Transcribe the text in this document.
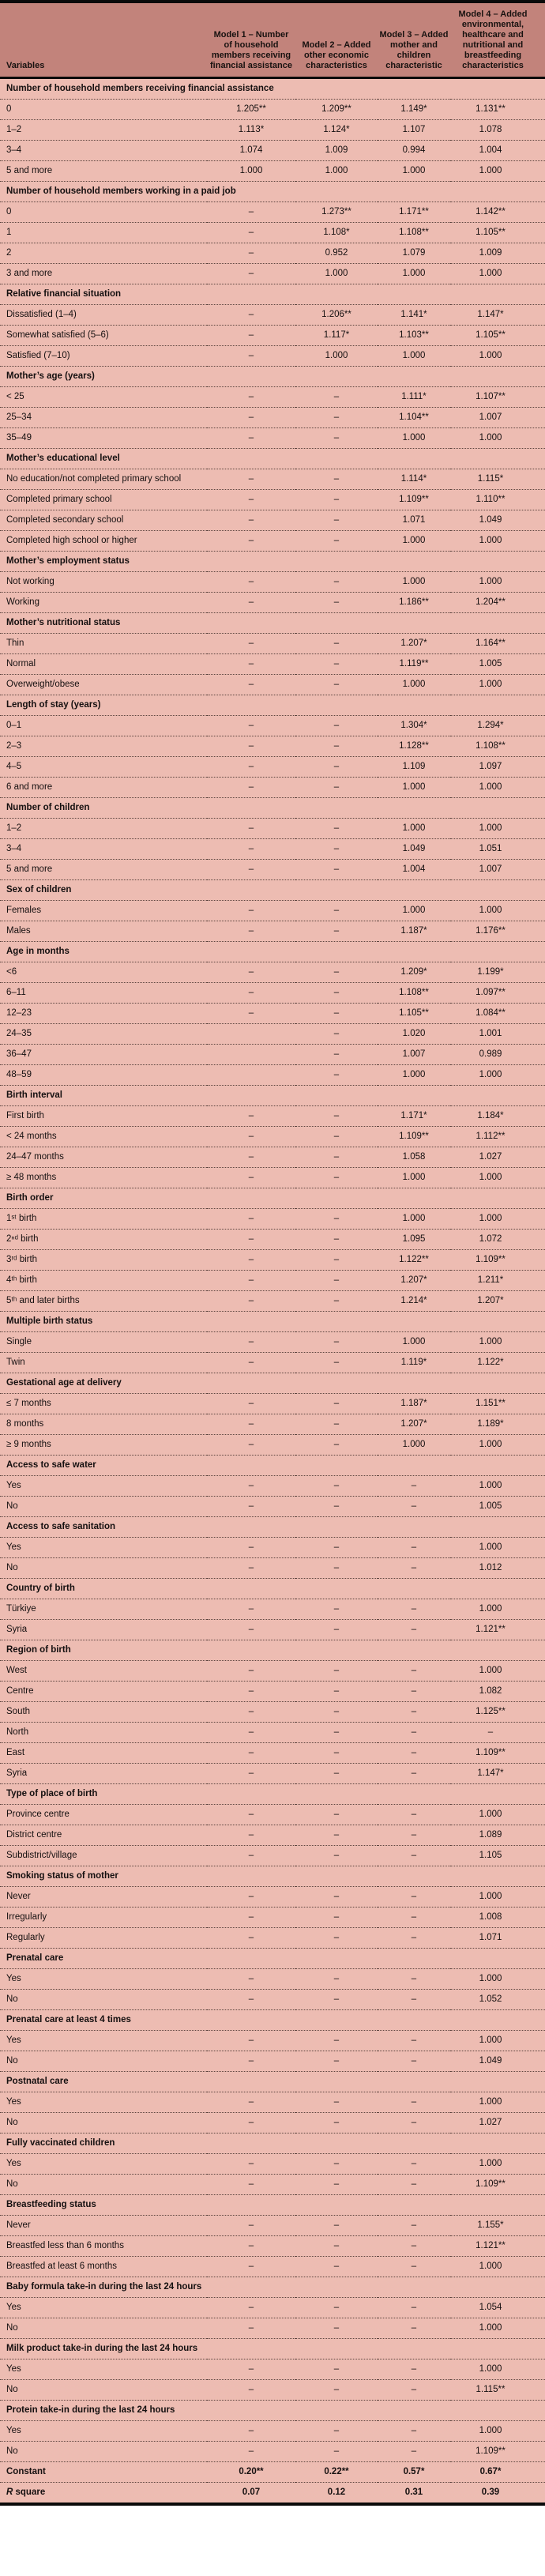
Variables	Model 1 – Number of household members receiving financial assistance	Model 2 – Added other economic characteristics	Model 3 – Added mother and children characteristic	Model 4 – Added environmental, healthcare and nutritional and breastfeeding characteristics
Number of household members receiving financial assistance				
0	1.205**	1.209**	1.149*	1.131**
1–2	1.113*	1.124*	1.107	1.078
3–4	1.074	1.009	0.994	1.004
5 and more	1.000	1.000	1.000	1.000
Number of household members working in a paid job				
0	–	1.273**	1.171**	1.142**
1	–	1.108*	1.108**	1.105**
2	–	0.952	1.079	1.009
3 and more	–	1.000	1.000	1.000
Relative financial situation				
Dissatisfied (1–4)	–	1.206**	1.141*	1.147*
Somewhat satisfied (5–6)	–	1.117*	1.103**	1.105**
Satisfied (7–10)	–	1.000	1.000	1.000
Mother’s age (years)				
< 25	–	–	1.111*	1.107**
25–34	–	–	1.104**	1.007
35–49	–	–	1.000	1.000
Mother’s educational level				
No education/not completed primary school	–	–	1.114*	1.115*
Completed primary school	–	–	1.109**	1.110**
Completed secondary school	–	–	1.071	1.049
Completed high school or higher	–	–	1.000	1.000
Mother’s employment status				
Not working	–	–	1.000	1.000
Working	–	–	1.186**	1.204**
Mother’s nutritional status				
Thin	–	–	1.207*	1.164**
Normal	–	–	1.119**	1.005
Overweight/obese	–	–	1.000	1.000
Length of stay (years)				
0–1	–	–	1.304*	1.294*
2–3	–	–	1.128**	1.108**
4–5	–	–	1.109	1.097
6 and more	–	–	1.000	1.000
Number of children				
1–2	–	–	1.000	1.000
3–4	–	–	1.049	1.051
5 and more	–	–	1.004	1.007
Sex of children				
Females	–	–	1.000	1.000
Males	–	–	1.187*	1.176**
Age in months				
<6	–	–	1.209*	1.199*
6–11	–	–	1.108**	1.097**
12–23	–	–	1.105**	1.084**
24–35		–	1.020	1.001
36–47		–	1.007	0.989
48–59		–	1.000	1.000
Birth interval				
First birth	–	–	1.171*	1.184*
< 24 months	–	–	1.109**	1.112**
24–47 months	–	–	1.058	1.027
≥ 48 months	–	–	1.000	1.000
Birth order				
1ˢᵗ birth	–	–	1.000	1.000
2ⁿᵈ birth	–	–	1.095	1.072
3ʳᵈ birth	–	–	1.122**	1.109**
4ᵗʰ birth	–	–	1.207*	1.211*
5ᵗʰ and later births	–	–	1.214*	1.207*
Multiple birth status				
Single	–	–	1.000	1.000
Twin	–	–	1.119*	1.122*
Gestational age at delivery				
≤ 7 months	–	–	1.187*	1.151**
8 months	–	–	1.207*	1.189*
≥ 9 months	–	–	1.000	1.000
Access to safe water				
Yes	–	–	–	1.000
No	–	–	–	1.005
Access to safe sanitation				
Yes	–	–	–	1.000
No	–	–	–	1.012
Country of birth				
Türkiye	–	–	–	1.000
Syria	–	–	–	1.121**
Region of birth				
West	–	–	–	1.000
Centre	–	–	–	1.082
South	–	–	–	1.125**
North	–	–	–	–
East	–	–	–	1.109**
Syria	–	–	–	1.147*
Type of place of birth				
Province centre	–	–	–	1.000
District centre	–	–	–	1.089
Subdistrict/village	–	–	–	1.105
Smoking status of mother				
Never	–	–	–	1.000
Irregularly	–	–	–	1.008
Regularly	–	–	–	1.071
Prenatal care				
Yes	–	–	–	1.000
No	–	–	–	1.052
Prenatal care at least 4 times				
Yes	–	–	–	1.000
No	–	–	–	1.049
Postnatal care				
Yes	–	–	–	1.000
No	–	–	–	1.027
Fully vaccinated children				
Yes	–	–	–	1.000
No	–	–	–	1.109**
Breastfeeding status				
Never	–	–	–	1.155*
Breastfed less than 6 months	–	–	–	1.121**
Breastfed at least 6 months	–	–	–	1.000
Baby formula take-in during the last 24 hours				
Yes	–	–	–	1.054
No	–	–	–	1.000
Milk product take-in during the last 24 hours				
Yes	–	–	–	1.000
No	–	–	–	1.115**
Protein take-in during the last 24 hours				
Yes	–	–	–	1.000
No	–	–	–	1.109**
Constant	0.20**	0.22**	0.57*	0.67*
R square	0.07	0.12	0.31	0.39
